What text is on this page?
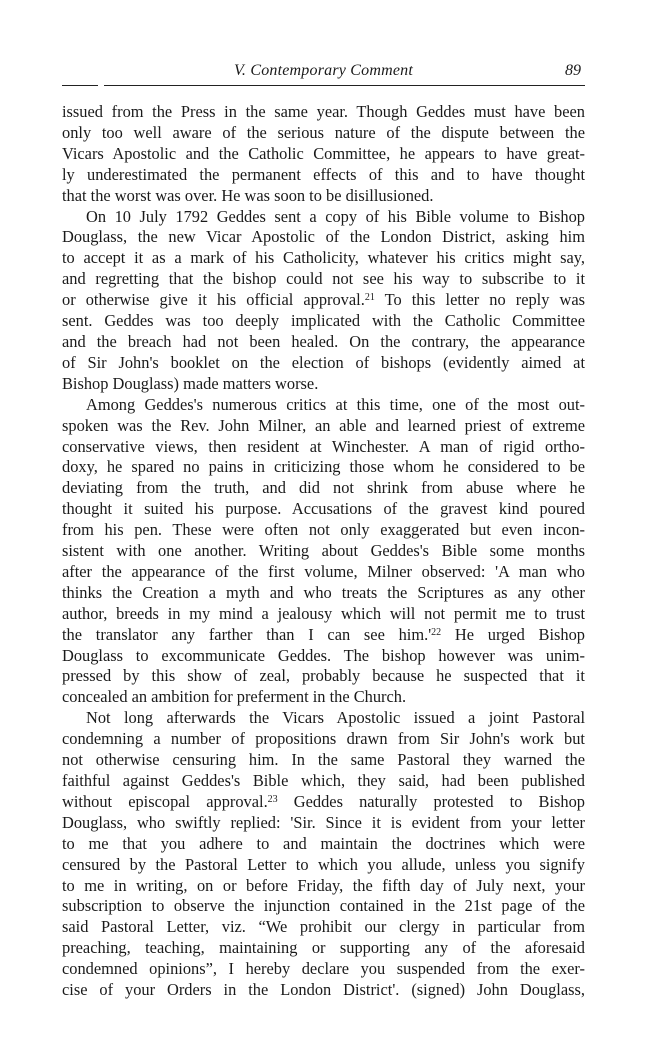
V. Contemporary Comment	89
issued from the Press in the same year. Though Geddes must have been
only too well aware of the serious nature of the dispute between the
Vicars Apostolic and the Catholic Committee, he appears to have great-
ly underestimated the permanent effects of this and to have thought
that the worst was over. He was soon to be disillusioned.
On 10 July 1792 Geddes sent a copy of his Bible volume to Bishop
Douglass, the new Vicar Apostolic of the London District, asking him
to accept it as a mark of his Catholicity, whatever his critics might say,
and regretting that the bishop could not see his way to subscribe to it
or otherwise give it his official approval.$^{21}$ To this letter no reply was
sent. Geddes was too deeply implicated with the Catholic Committee
and the breach had not been healed. On the contrary, the appearance
of Sir John's booklet on the election of bishops (evidently aimed at
Bishop Douglass) made matters worse.
Among Geddes's numerous critics at this time, one of the most out-
spoken was the Rev. John Milner, an able and learned priest of extreme
conservative views, then resident at Winchester. A man of rigid ortho-
doxy, he spared no pains in criticizing those whom he considered to be
deviating from the truth, and did not shrink from abuse where he
thought it suited his purpose. Accusations of the gravest kind poured
from his pen. These were often not only exaggerated but even incon-
sistent with one another. Writing about Geddes's Bible some months
after the appearance of the first volume, Milner observed: 'A man who
thinks the Creation a myth and who treats the Scriptures as any other
author, breeds in my mind a jealousy which will not permit me to trust
the translator any farther than I can see $him.'^{22}$ He urged Bishop
Douglass to excommunicate Geddes. The bishop however was unim-
pressed by this show of zeal, probably because he suspected that it
concealed an ambition for preferment in the Church.
Not long afterwards the Vicars Apostolic issued a joint Pastoral
condemning a number of propositions drawn from Sir John's work but
not otherwise censuring him. In the same Pastoral they warned the
faithful against Geddes's Bible which, they said, had been published
without episcopal approval.$^{23}$ Geddes naturally protested to Bishop
Douglass, who swiftly replied: 'Sir. Since it is evident from your letter
to me that you adhere to and maintain the doctrines which were
censured by the Pastoral Letter to which you allude, unless you signify
to me in writing, on or before Friday, the fifth day of July next, your
subscription to observe the injunction contained in the 21st page of the
said Pastoral Letter, viz. “We prohibit our clergy in particular from
preaching, teaching, maintaining or supporting any of the aforesaid
condemned opinions”, I hereby declare you suspended from the exer-
cise of your Orders in the London District'. (signed) John Douglass,
